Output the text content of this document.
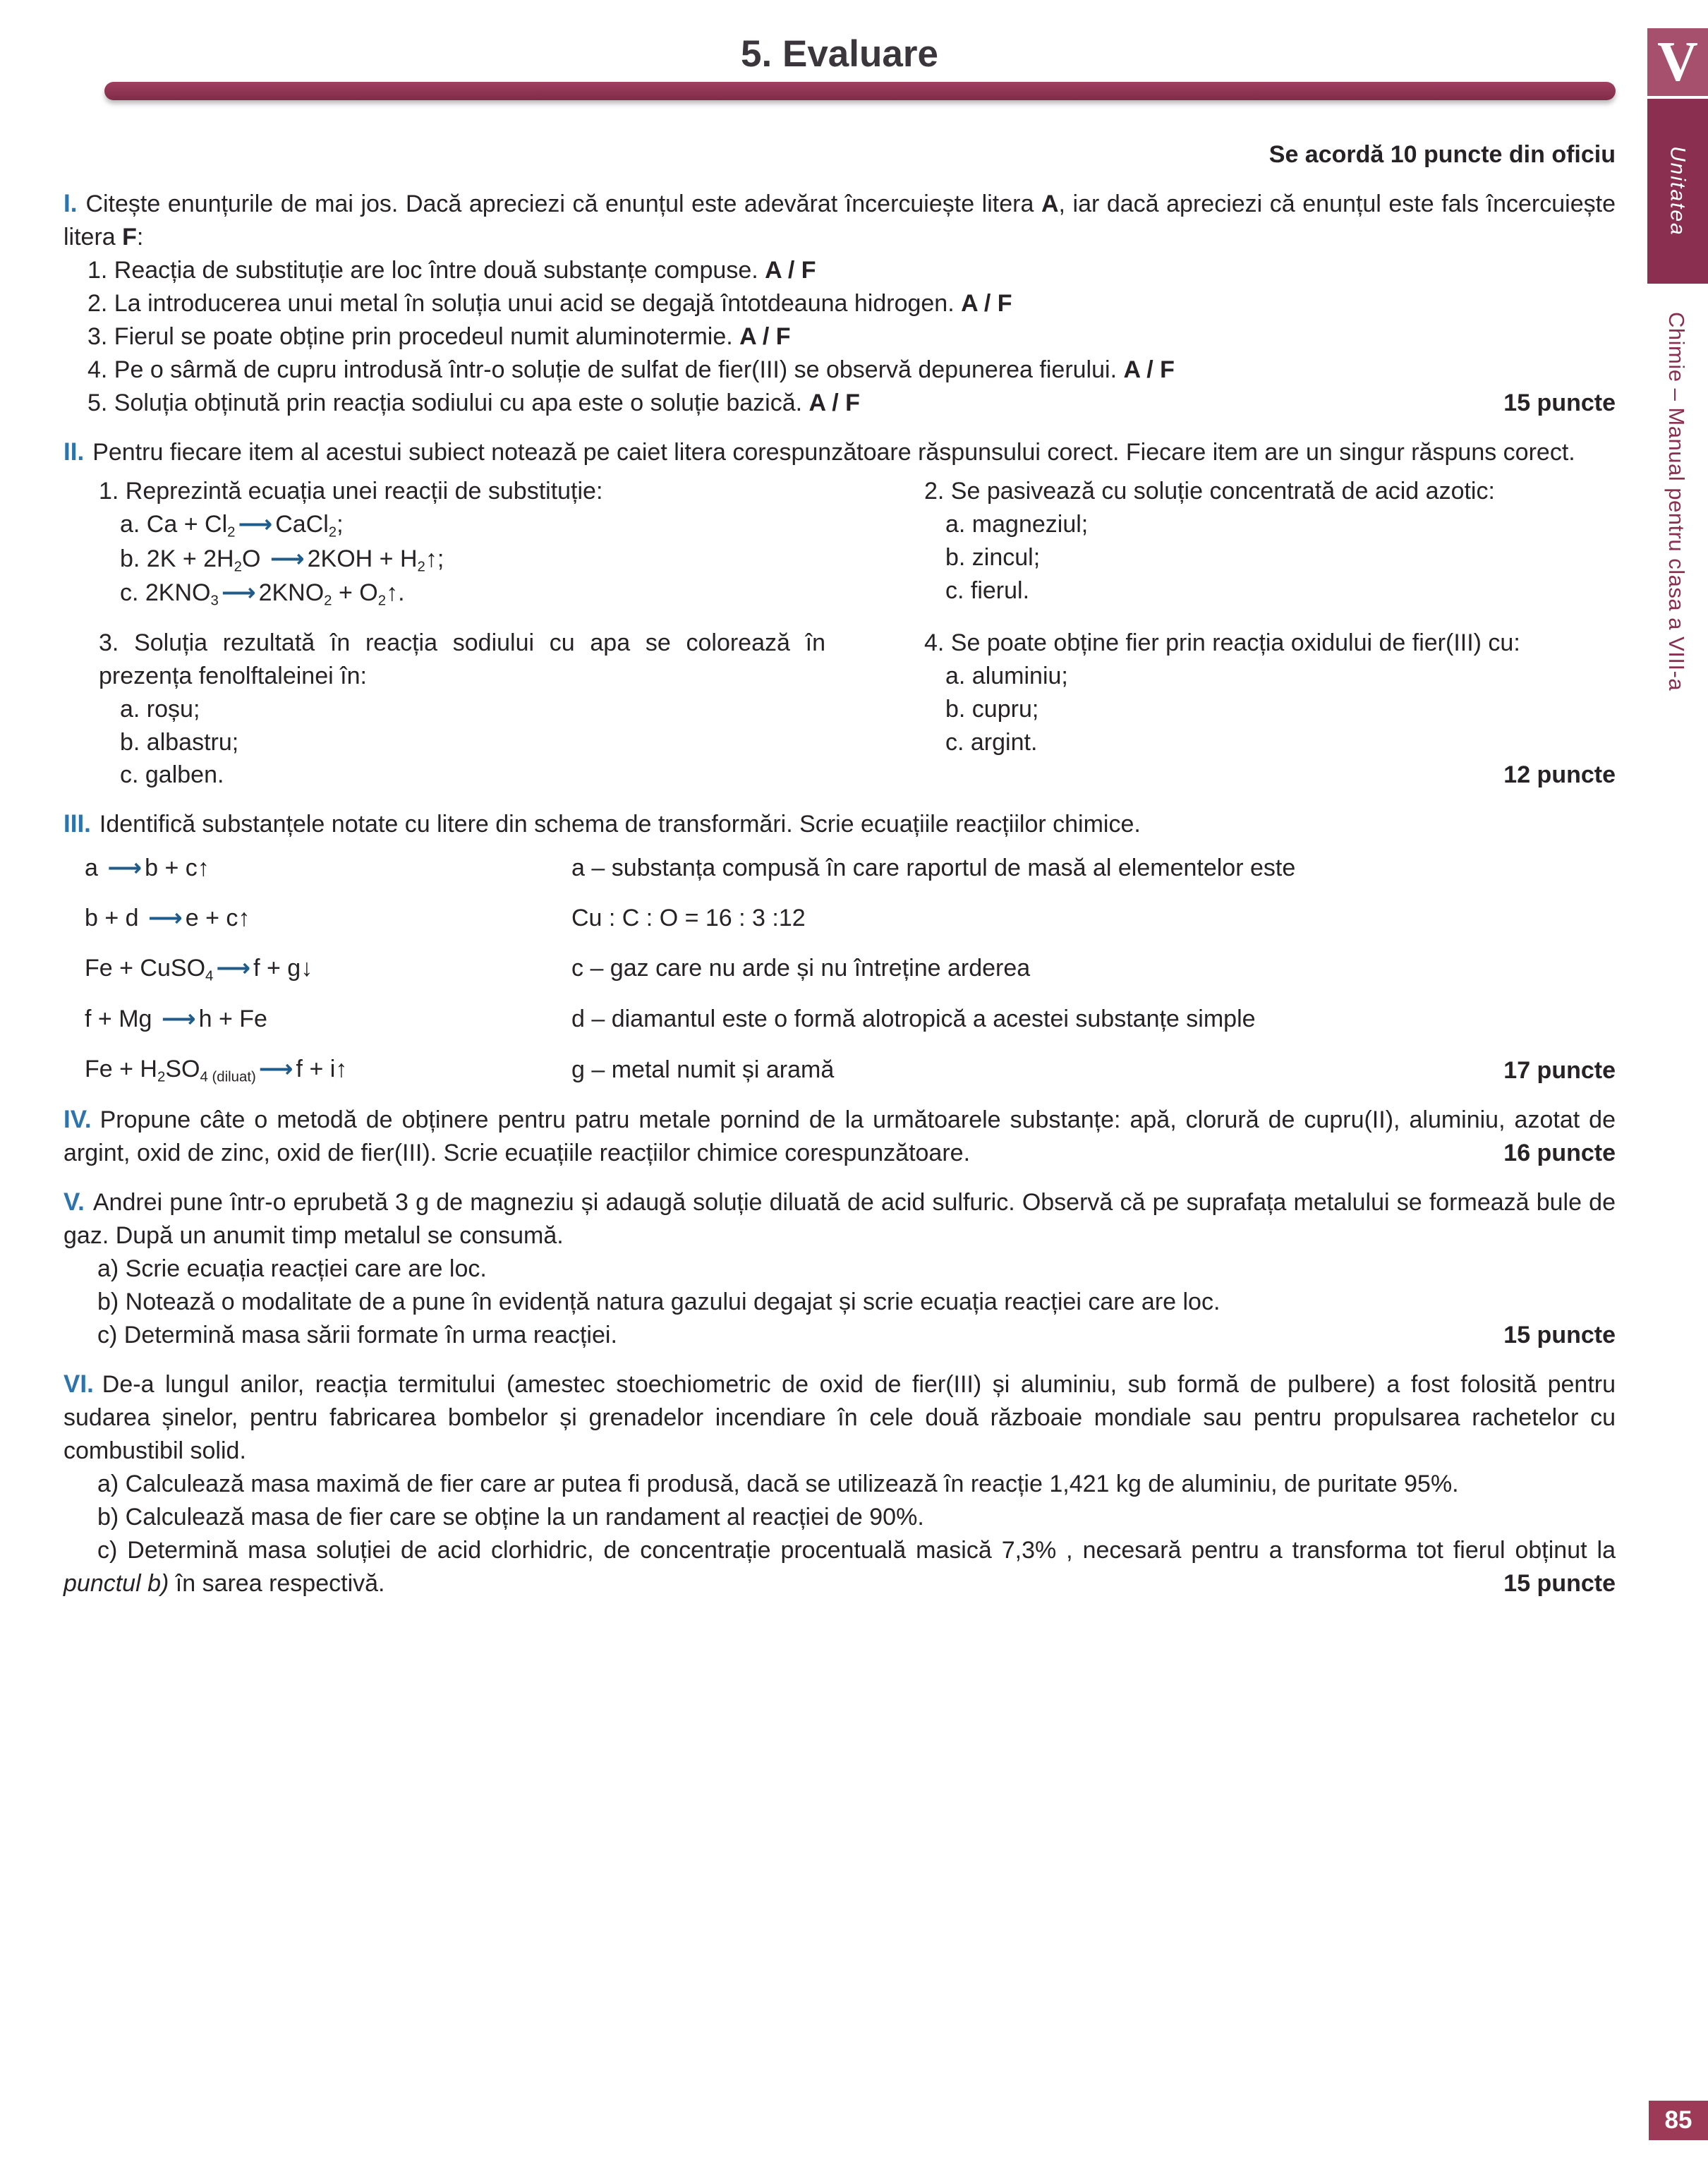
5. Evaluare	V
Unitatea
Chimie – Manual pentru clasa a VIII-a
85
Se acordă 10 puncte din oficiu

I. Citește enunțurile de mai jos. Dacă apreciezi că enunțul este adevărat încercuiește litera A, iar dacă apreciezi că enunțul este fals încercuiește litera F:

1. Reacția de substituție are loc între două substanțe compuse. A / F
2. La introducerea unui metal în soluția unui acid se degajă întotdeauna hidrogen. A / F
3. Fierul se poate obține prin procedeul numit aluminotermie. A / F
4. Pe o sârmă de cupru introdusă într-o soluție de sulfat de fier(III) se observă depunerea fierului. A / F
15 puncte
5. Soluția obținută prin reacția sodiului cu apa este o soluție bazică. A / F

II. Pentru fiecare item al acestui subiect notează pe caiet litera corespunzătoare răspunsului corect. Fiecare item are un singur răspuns corect.

1. Reprezintă ecuația unei reacții de substituție:

a. $Ca + Cl_2$ ⟶ CaCl$_2$;
b. $2K + 2H_2O$ ⟶ $2KOH + H_2↑$;
c. $2KNO_3$ ⟶ $2KNO_2$ + $O_2↑$.

2. Se pasivează cu soluție concentrată de acid azotic:

a. magneziul;
b. zincul;
c. fierul.

3. Soluția rezultată în reacția sodiului cu apa se colorează în prezența fenolftaleinei în:

a. roșu;
b. albastru;
c. galben.

4. Se poate obține fier prin reacția oxidului de fier(III) cu:

a. aluminiu;
b. cupru;
c. argint.
12 puncte

III. Identifică substanțele notate cu litere din schema de transformări. Scrie ecuațiile reacțiilor chimice.

a ⟶ b + c↑	a – substanța compusă în care raportul de masă al elementelor este
b + d ⟶ e + c↑	Cu : C : O = 16 : 3 :12
Fe + CuSO$_4$ ⟶ f + g↓	c – gaz care nu arde și nu întreține arderea
f + Mg ⟶ h + Fe	d – diamantul este o formă alotropică a acestei substanțe simple
$Fe + H_2SO_{4 (diluat)}$ ⟶ f + i↑	g – metal numit și aramă	17 puncte

IV. Propune câte o metodă de obținere pentru patru metale pornind de la următoarele substanțe: apă, clorură de cupru(II), aluminiu, azotat de argint, oxid de zinc, oxid de fier(III). Scrie ecuațiile reacțiilor chimice corespunzătoare.	16 puncte

V. Andrei pune într-o eprubetă 3 g de magneziu și adaugă soluție diluată de acid sulfuric. Observă că pe suprafața metalului se formează bule de gaz. După un anumit timp metalul se consumă.

a) Scrie ecuația reacției care are loc.

b) Notează o modalitate de a pune în evidență natura gazului degajat și scrie ecuația reacției care are loc.

c) Determină masa sării formate în urma reacției.	15 puncte

VI. De-a lungul anilor, reacția termitului (amestec stoechiometric de oxid de fier(III) și aluminiu, sub formă de pulbere) a fost folosită pentru sudarea șinelor, pentru fabricarea bombelor și grenadelor incendiare în cele două războaie mondiale sau pentru propulsarea rachetelor cu combustibil solid.

a) Calculează masa maximă de fier care ar putea fi produsă, dacă se utilizează în reacție 1,421 kg de aluminiu, de puritate 95%.

b) Calculează masa de fier care se obține la un randament al reacției de 90%.

c) Determină masa soluției de acid clorhidric, de concentrație procentuală masică 7,3% , necesară pentru a transforma tot fierul obținut la punctul b) în sarea respectivă.	15 puncte
